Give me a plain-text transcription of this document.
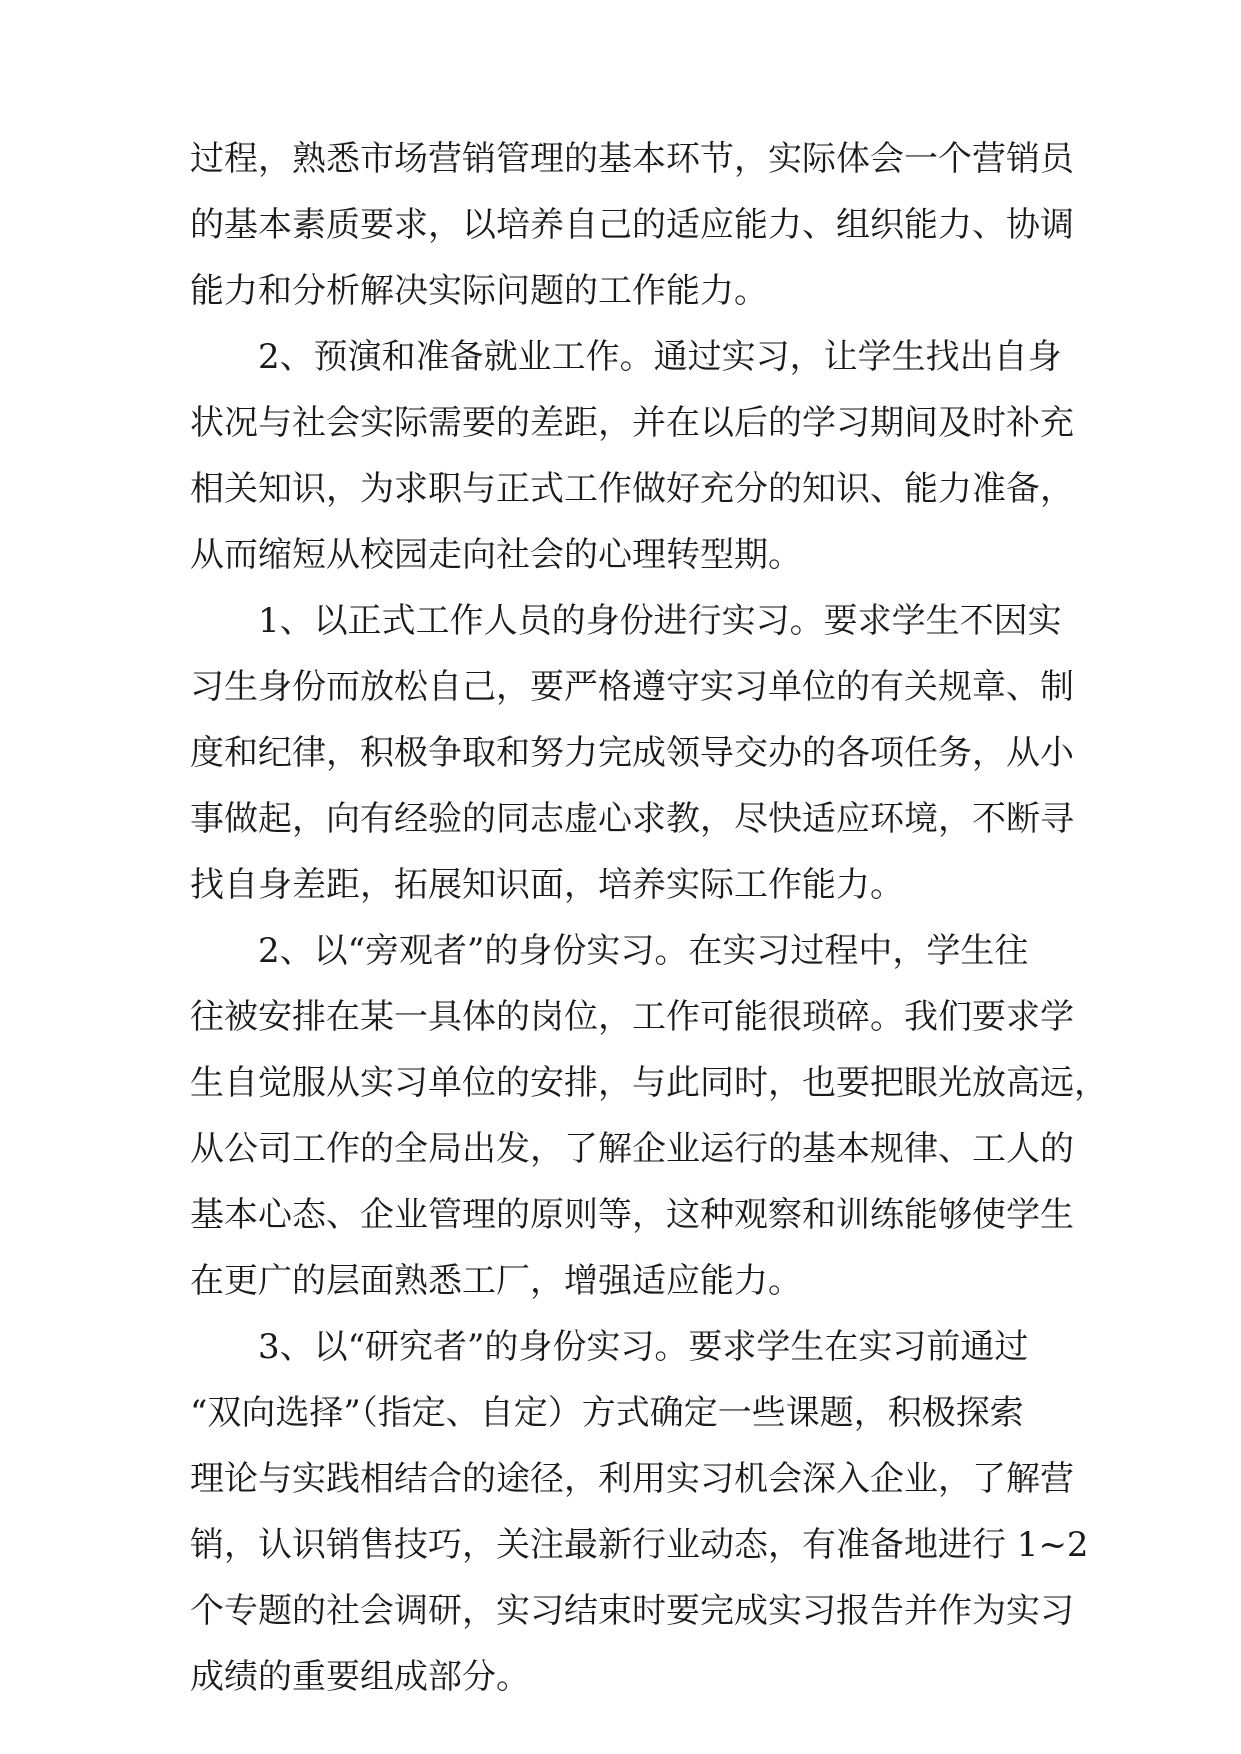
过程，熟悉市场营销管理的基本环节，实际体会一个营销员
的基本素质要求，以培养自己的适应能力、组织能力、协调
能力和分析解决实际问题的工作能力。
　　2、预演和准备就业工作。通过实习，让学生找出自身
状况与社会实际需要的差距，并在以后的学习期间及时补充
相关知识，为求职与正式工作做好充分的知识、能力准备，
从而缩短从校园走向社会的心理转型期。
　　1、以正式工作人员的身份进行实习。要求学生不因实
习生身份而放松自己，要严格遵守实习单位的有关规章、制
度和纪律，积极争取和努力完成领导交办的各项任务，从小
事做起，向有经验的同志虚心求教，尽快适应环境，不断寻
找自身差距，拓展知识面，培养实际工作能力。
　　2、以“旁观者”的身份实习。在实习过程中，学生往
往被安排在某一具体的岗位，工作可能很琐碎。我们要求学
生自觉服从实习单位的安排，与此同时，也要把眼光放高远，
从公司工作的全局出发，了解企业运行的基本规律、工人的
基本心态、企业管理的原则等，这种观察和训练能够使学生
在更广的层面熟悉工厂，增强适应能力。
　　3、以“研究者”的身份实习。要求学生在实习前通过
“双向选择”（指定、自定）方式确定一些课题，积极探索
理论与实践相结合的途径，利用实习机会深入企业，了解营
销，认识销售技巧，关注最新行业动态，有准备地进行 1~2
个专题的社会调研，实习结束时要完成实习报告并作为实习
成绩的重要组成部分。
